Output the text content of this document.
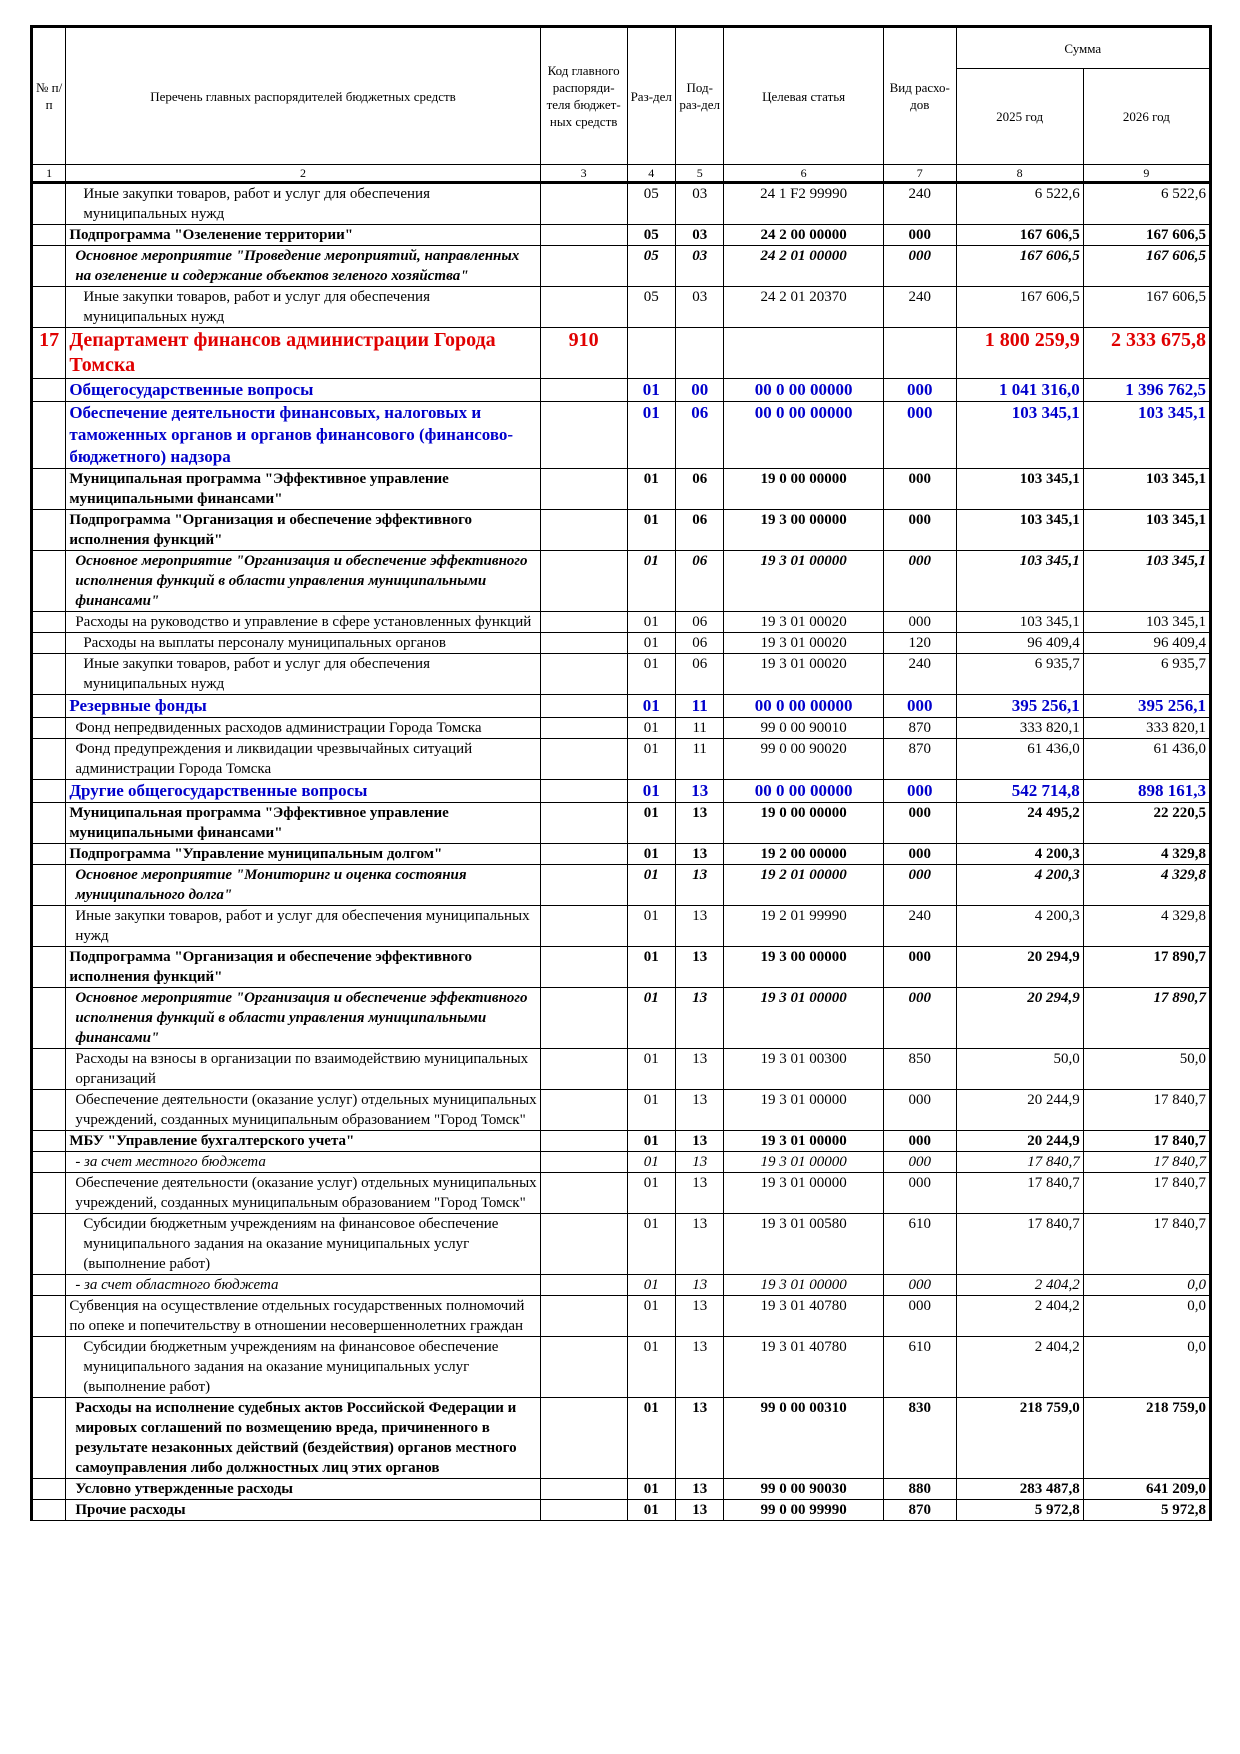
№ п/п	Перечень главных распорядителей бюджетных средств	Код главного распоряди-теля бюджет-ных средств	Раз-дел	Под-раз-дел	Целевая статья	Вид расхо-дов	Сумма	
							2025 год	2026 год
1	2	3	4	5	6	7	8	9

	Иные закупки товаров, работ и услуг для обеспечения муниципальных нужд		05	03	24 1 F2 99990	240	6 522,6	6 522,6
	Подпрограмма "Озеленение территории"		05	03	24 2 00 00000	000	167 606,5	167 606,5

	Основное мероприятие "Проведение мероприятий, направленных на озеленение и содержание объектов зеленого хозяйства"		05	03	24 2 01 00000	000	167 606,5	167 606,5

	Иные закупки товаров, работ и услуг для обеспечения муниципальных нужд		05	03	24 2 01 20370	240	167 606,5	167 606,5
17	Департамент финансов администрации Города Томска	910					1 800 259,9	2 333 675,8
	Общегосударственные вопросы		01	00	00 0 00 00000	000	1 041 316,0	1 396 762,5
	Обеспечение деятельности финансовых, налоговых и таможенных органов и органов финансового (финансово-бюджетного) надзора		01	06	00 0 00 00000	000	103 345,1	103 345,1
	Муниципальная программа "Эффективное управление муниципальными финансами"		01	06	19 0 00 00000	000	103 345,1	103 345,1
	Подпрограмма "Организация и обеспечение эффективного исполнения функций"		01	06	19 3 00 00000	000	103 345,1	103 345,1

	Основное мероприятие "Организация и обеспечение эффективного исполнения функций в области управления муниципальными финансами"		01	06	19 3 01 00000	000	103 345,1	103 345,1

	Расходы на руководство и управление в сфере установленных функций		01	06	19 3 01 00020	000	103 345,1	103 345,1

	Расходы на выплаты персоналу муниципальных органов		01	06	19 3 01 00020	120	96 409,4	96 409,4

	Иные закупки товаров, работ и услуг для обеспечения муниципальных нужд		01	06	19 3 01 00020	240	6 935,7	6 935,7
	Резервные фонды		01	11	00 0 00 00000	000	395 256,1	395 256,1

	Фонд непредвиденных расходов администрации Города Томска		01	11	99 0 00 90010	870	333 820,1	333 820,1

	Фонд предупреждения и ликвидации чрезвычайных ситуаций администрации Города Томска		01	11	99 0 00 90020	870	61 436,0	61 436,0
	Другие общегосударственные вопросы		01	13	00 0 00 00000	000	542 714,8	898 161,3
	Муниципальная программа "Эффективное управление муниципальными финансами"		01	13	19 0 00 00000	000	24 495,2	22 220,5
	Подпрограмма "Управление муниципальным долгом"		01	13	19 2 00 00000	000	4 200,3	4 329,8

	Основное мероприятие "Мониторинг и оценка состояния муниципального долга"		01	13	19 2 01 00000	000	4 200,3	4 329,8

	Иные закупки товаров, работ и услуг для обеспечения муниципальных нужд		01	13	19 2 01 99990	240	4 200,3	4 329,8
	Подпрограмма "Организация и обеспечение эффективного исполнения функций"		01	13	19 3 00 00000	000	20 294,9	17 890,7

	Основное мероприятие "Организация и обеспечение эффективного исполнения функций в области управления муниципальными финансами"		01	13	19 3 01 00000	000	20 294,9	17 890,7

	Расходы на взносы в организации по взаимодействию муниципальных организаций		01	13	19 3 01 00300	850	50,0	50,0

	Обеспечение деятельности (оказание услуг) отдельных муниципальных учреждений, созданных муниципальным образованием "Город Томск"		01	13	19 3 01 00000	000	20 244,9	17 840,7
	МБУ "Управление бухгалтерского учета"		01	13	19 3 01 00000	000	20 244,9	17 840,7

	- за счет местного бюджета		01	13	19 3 01 00000	000	17 840,7	17 840,7

	Обеспечение деятельности (оказание услуг) отдельных муниципальных учреждений, созданных муниципальным образованием "Город Томск"		01	13	19 3 01 00000	000	17 840,7	17 840,7

	Субсидии бюджетным учреждениям на финансовое обеспечение муниципального задания на оказание муниципальных услуг (выполнение работ)		01	13	19 3 01 00580	610	17 840,7	17 840,7

	- за счет областного бюджета		01	13	19 3 01 00000	000	2 404,2	0,0
	Субвенция на осуществление отдельных государственных полномочий по опеке и попечительству в отношении несовершеннолетних граждан		01	13	19 3 01 40780	000	2 404,2	0,0

	Субсидии бюджетным учреждениям на финансовое обеспечение муниципального задания на оказание муниципальных услуг (выполнение работ)		01	13	19 3 01 40780	610	2 404,2	0,0

	Расходы на исполнение судебных актов Российской Федерации и мировых соглашений по возмещению вреда, причиненного в результате незаконных действий (бездействия) органов местного самоуправления либо должностных лиц этих органов		01	13	99 0 00 00310	830	218 759,0	218 759,0

	Условно утвержденные расходы		01	13	99 0 00 90030	880	283 487,8	641 209,0

	Прочие расходы		01	13	99 0 00 99990	870	5 972,8	5 972,8
